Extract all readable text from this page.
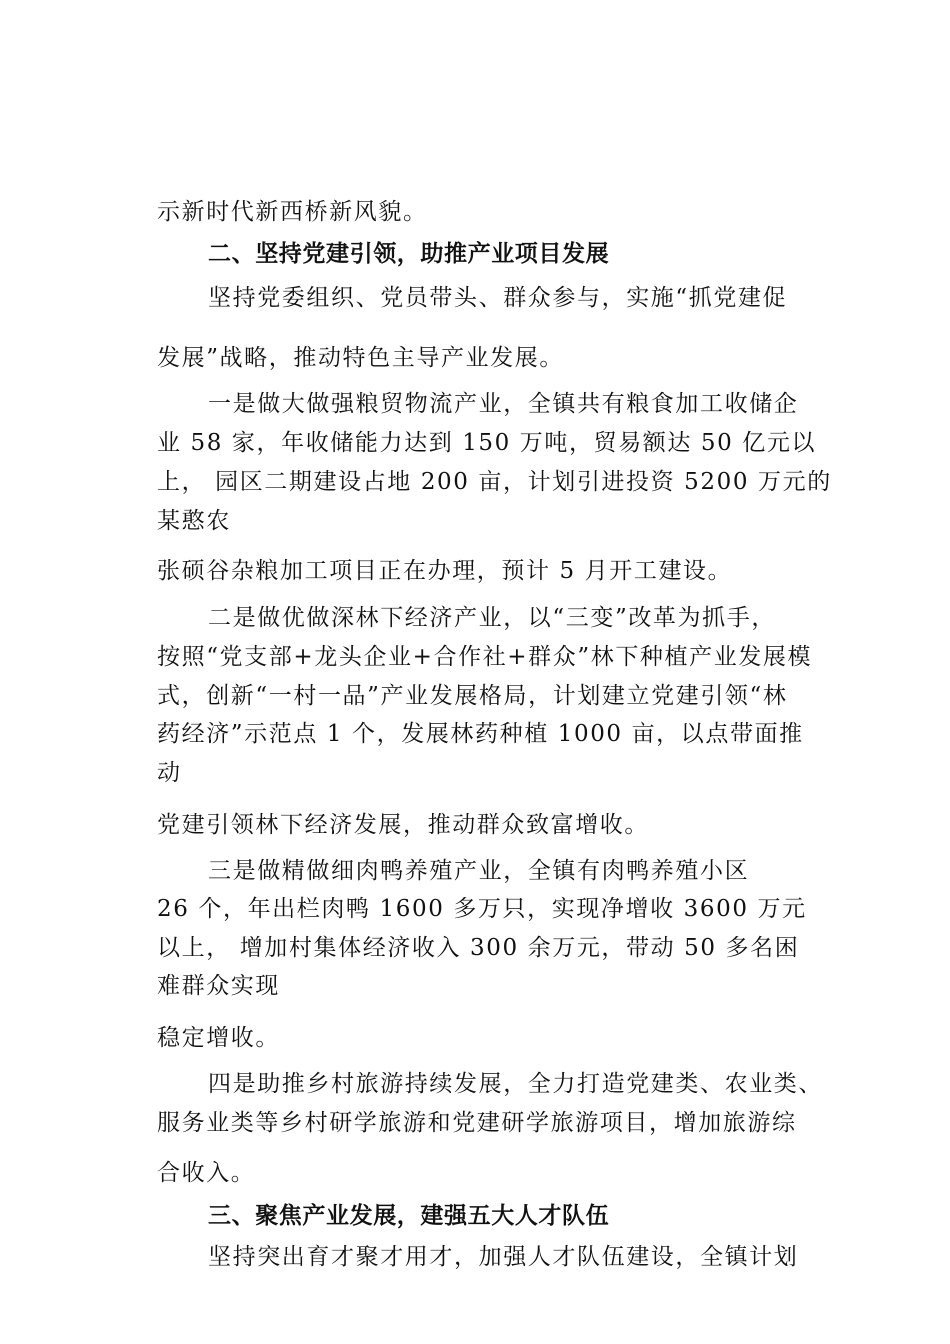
示新时代新西桥新风貌。

二、坚持党建引领，助推产业项目发展

坚持党委组织、党员带头、群众参与，实施“抓党建促

发展”战略，推动特色主导产业发展。

一是做大做强粮贸物流产业，全镇共有粮食加工收储企

业 58 家，年收储能力达到 150 万吨，贸易额达 50 亿元以

上， 园区二期建设占地 200 亩，计划引进投资 5200 万元的

某憨农

张硕谷杂粮加工项目正在办理，预计 5 月开工建设。

二是做优做深林下经济产业，以“三变”改革为抓手，

按照“党支部+龙头企业+合作社+群众”林下种植产业发展模

式，创新“一村一品”产业发展格局，计划建立党建引领“林

药经济”示范点 1 个，发展林药种植 1000 亩，以点带面推

动

党建引领林下经济发展，推动群众致富增收。

三是做精做细肉鸭养殖产业，全镇有肉鸭养殖小区

26 个，年出栏肉鸭 1600 多万只，实现净增收 3600 万元

以上， 增加村集体经济收入 300 余万元，带动 50 多名困

难群众实现

稳定增收。

四是助推乡村旅游持续发展，全力打造党建类、农业类、

服务业类等乡村研学旅游和党建研学旅游项目，增加旅游综

合收入。

三、聚焦产业发展，建强五大人才队伍

坚持突出育才聚才用才，加强人才队伍建设，全镇计划
